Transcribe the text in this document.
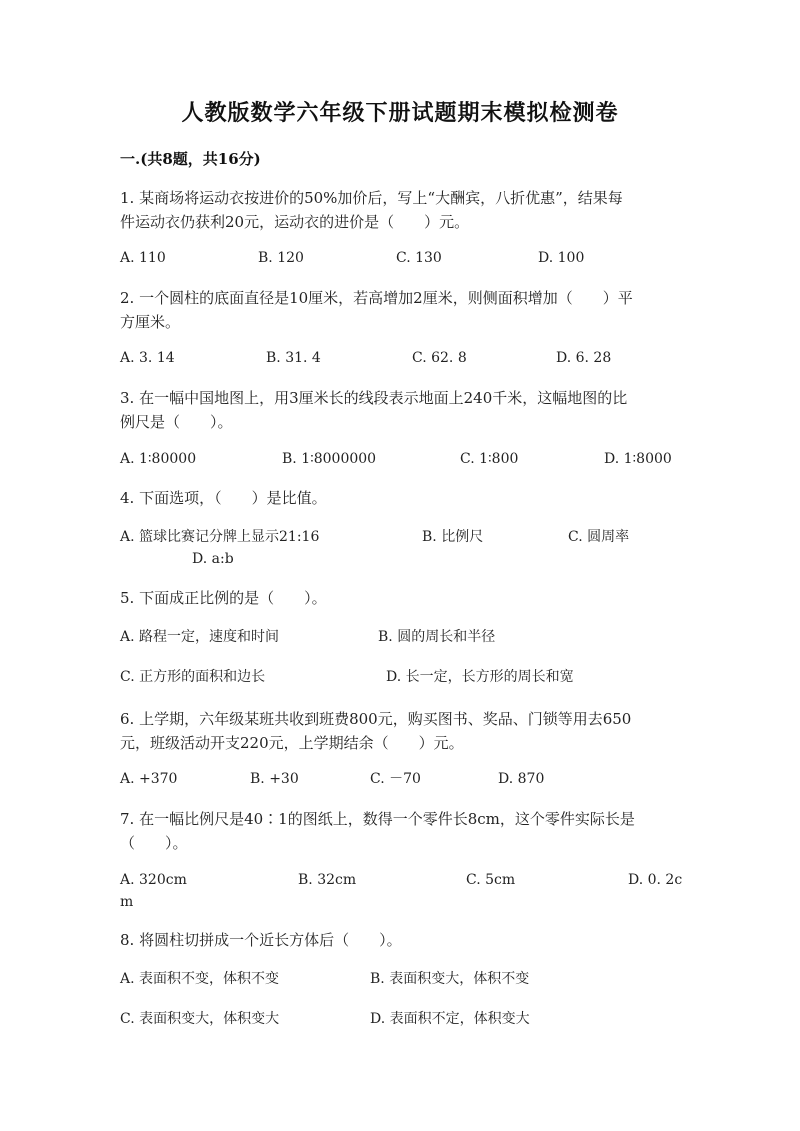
人教版数学六年级下册试题期末模拟检测卷
一.(共8题，共16分)
1. 某商场将运动衣按进价的50%加价后，写上“大酬宾，八折优惠”，结果每
件运动衣仍获利20元，运动衣的进价是（　　）元。
A. 110	B. 120	C. 130	D. 100
2. 一个圆柱的底面直径是10厘米，若高增加2厘米，则侧面积增加（　　）平
方厘米。
A. 3. 14	B. 31. 4	C. 62. 8	D. 6. 28
3. 在一幅中国地图上，用3厘米长的线段表示地面上240千米，这幅地图的比
例尺是（　　）。
A. 1∶80000	B. 1∶8000000	C. 1∶800	D. 1∶8000
4. 下面选项，（　　）是比值。
A. 篮球比赛记分牌上显示21:16	B. 比例尺	C. 圆周率
D. a:b
5. 下面成正比例的是（　　）。
A. 路程一定，速度和时间	B. 圆的周长和半径
C. 正方形的面积和边长	D. 长一定，长方形的周长和宽
6. 上学期，六年级某班共收到班费800元，购买图书、奖品、门锁等用去650
元，班级活动开支220元，上学期结余（　　）元。
A. +370	B. +30	C. －70	D. 870
7. 在一幅比例尺是40∶1的图纸上，数得一个零件长8cm，这个零件实际长是
（　　）。
A. 320cm	B. 32cm	C. 5cm	D. 0. 2c
m
8. 将圆柱切拼成一个近长方体后（　　）。
A. 表面积不变，体积不变	B. 表面积变大，体积不变
C. 表面积变大，体积变大	D. 表面积不定，体积变大
